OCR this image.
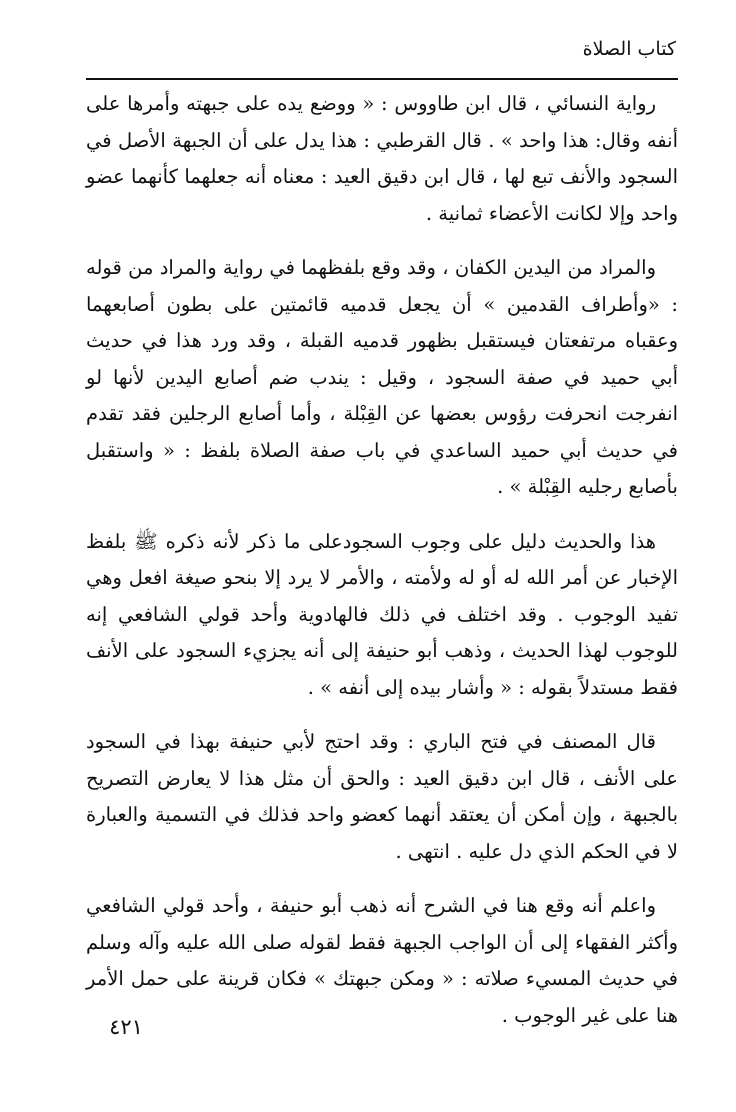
كتاب الصلاة

رواية النسائي ، قال ابن طاووس : « ووضع يده على جبهته وأمرها على أنفه وقال: هذا واحد » . قال القرطبي : هذا يدل على أن الجبهة الأصل في السجود والأنف تبع لها ، قال ابن دقيق العيد : معناه أنه جعلهما كأنهما عضو واحد وإلا لكانت الأعضاء ثمانية .

والمراد من اليدين الكفان ، وقد وقع بلفظهما في رواية والمراد من قوله : «وأطراف القدمين » أن يجعل قدميه قائمتين على بطون أصابعهما وعقباه مرتفعتان فيستقبل بظهور قدميه القبلة ، وقد ورد هذا في حديث أبي حميد في صفة السجود ، وقيل : يندب ضم أصابع اليدين لأنها لو انفرجت انحرفت رؤوس بعضها عن القِبْلة ، وأما أصابع الرجلين فقد تقدم في حديث أبي حميد الساعدي في باب صفة الصلاة بلفظ : « واستقبل بأصابع رجليه القِبْلة » .

هذا والحديث دليل على وجوب السجودعلى ما ذكر لأنه ذكره ﷺ بلفظ الإخبار عن أمر الله له أو له ولأمته ، والأمر لا يرد إلا بنحو صيغة افعل وهي تفيد الوجوب . وقد اختلف في ذلك فالهادوية وأحد قولي الشافعي إنه للوجوب لهذا الحديث ، وذهب أبو حنيفة إلى أنه يجزيء السجود على الأنف فقط مستدلاً بقوله : « وأشار بيده إلى أنفه » .

قال المصنف في فتح الباري : وقد احتج لأبي حنيفة بهذا في السجود على الأنف ، قال ابن دقيق العيد : والحق أن مثل هذا لا يعارض التصريح بالجبهة ، وإن أمكن أن يعتقد أنهما كعضو واحد فذلك في التسمية والعبارة لا في الحكم الذي دل عليه . انتهى .

واعلم أنه وقع هنا في الشرح أنه ذهب أبو حنيفة ، وأحد قولي الشافعي وأكثر الفقهاء إلى أن الواجب الجبهة فقط لقوله صلى الله عليه وآله وسلم في حديث المسيء صلاته : « ومكن جبهتك » فكان قرينة على حمل الأمر هنا على غير الوجوب .

٤٢١
